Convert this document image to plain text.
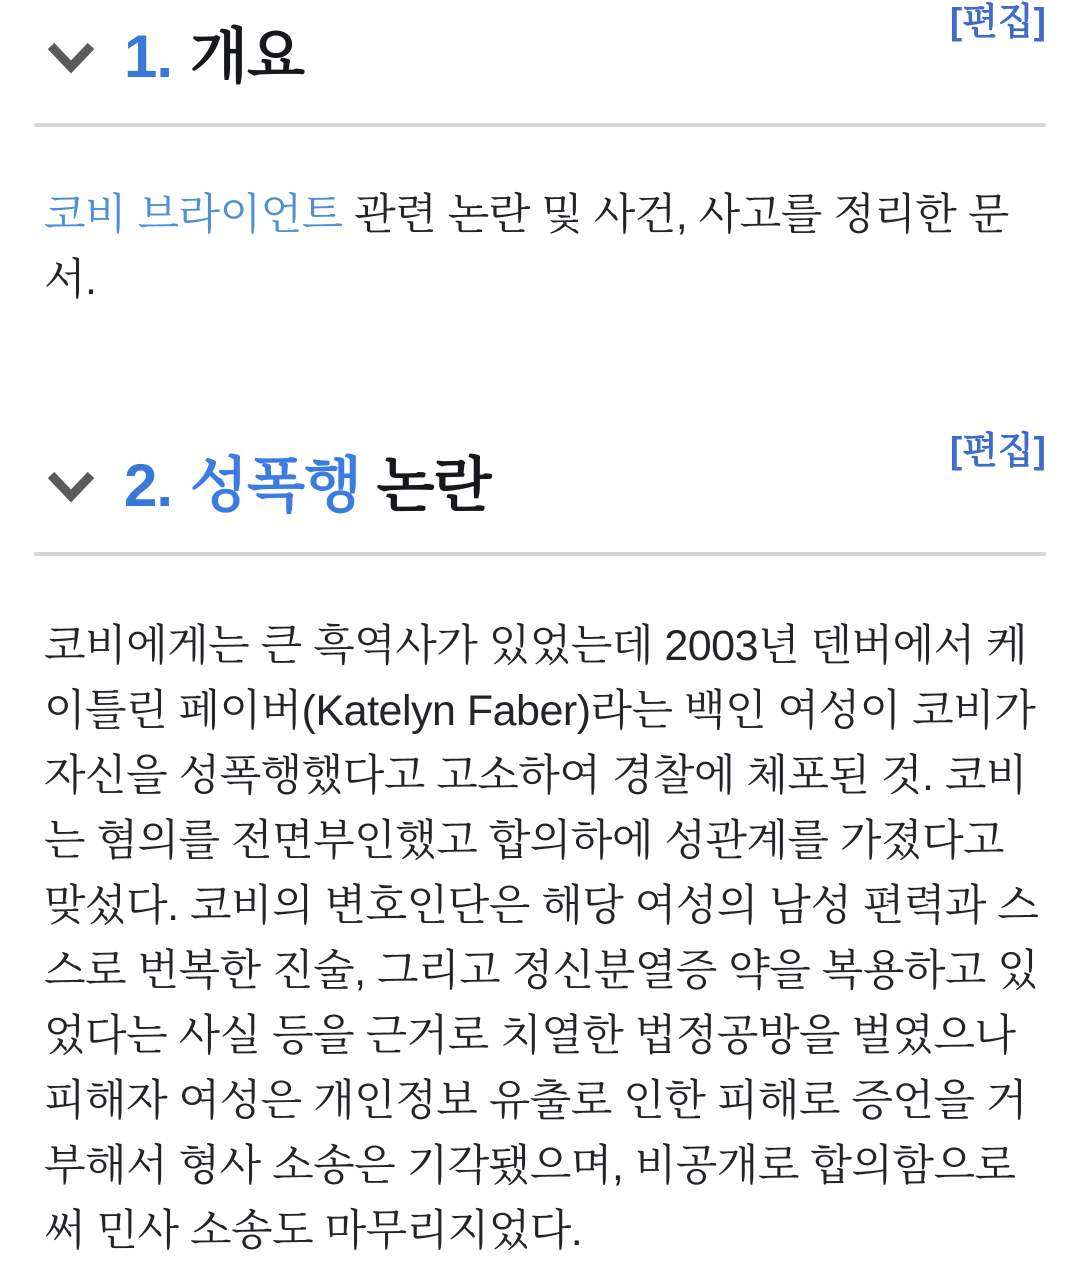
[편집]
1. 개요

코비 브라이언트 관련 논란 및 사건, 사고를 정리한 문서.

[편집]
2. 성폭행 논란

코비에게는 큰 흑역사가 있었는데 2003년 덴버에서 케이틀린 페이버(Katelyn Faber)라는 백인 여성이 코비가 자신을 성폭행했다고 고소하여 경찰에 체포된 것. 코비는 혐의를 전면부인했고 합의하에 성관계를 가졌다고 맞섰다. 코비의 변호인단은 해당 여성의 남성 편력과 스스로 번복한 진술, 그리고 정신분열증 약을 복용하고 있었다는 사실 등을 근거로 치열한 법정공방을 벌였으나 피해자 여성은 개인정보 유출로 인한 피해로 증언을 거부해서 형사 소송은 기각됐으며, 비공개로 합의함으로써 민사 소송도 마무리지었다.
